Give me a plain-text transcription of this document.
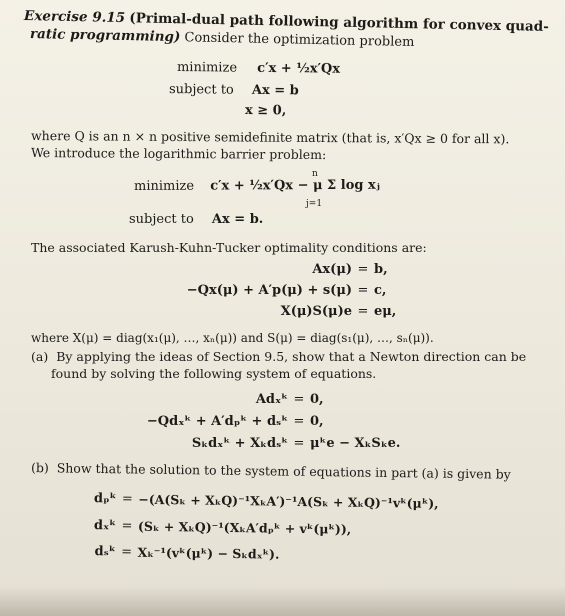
Exercise 9.15 (Primal-dual path following algorithm for convex quad-
ratic programming) Consider the optimization problem
minimize c′x + ½x′Qx
subject to Ax = b
x ≥ 0,
where Q is an n × n positive semidefinite matrix (that is, x′Qx ≥ 0 for all x).
We introduce the logarithmic barrier problem:
minimize c′x + ½x′Qx − μ Σ log xⱼ
n
j=1
subject to Ax = b.
The associated Karush-Kuhn-Tucker optimality conditions are:
Ax(μ) = b,
−Qx(μ) + A′p(μ) + s(μ) = c,
X(μ)S(μ)e = eμ,
where X(μ) = diag(x₁(μ), …, xₙ(μ)) and S(μ) = diag(s₁(μ), …, sₙ(μ)).
(a) By applying the ideas of Section 9.5, show that a Newton direction can be
found by solving the following system of equations.
Adₓᵏ = 0,
−Qdₓᵏ + A′dₚᵏ + dₛᵏ = 0,
Sₖdₓᵏ + Xₖdₛᵏ = μᵏe − XₖSₖe.
(b) Show that the solution to the system of equations in part (a) is given by
dₚᵏ = −(A(Sₖ + XₖQ)⁻¹XₖA′)⁻¹A(Sₖ + XₖQ)⁻¹vᵏ(μᵏ),
dₓᵏ = (Sₖ + XₖQ)⁻¹(XₖA′dₚᵏ + vᵏ(μᵏ)),
dₛᵏ = Xₖ⁻¹(vᵏ(μᵏ) − Sₖdₓᵏ).
